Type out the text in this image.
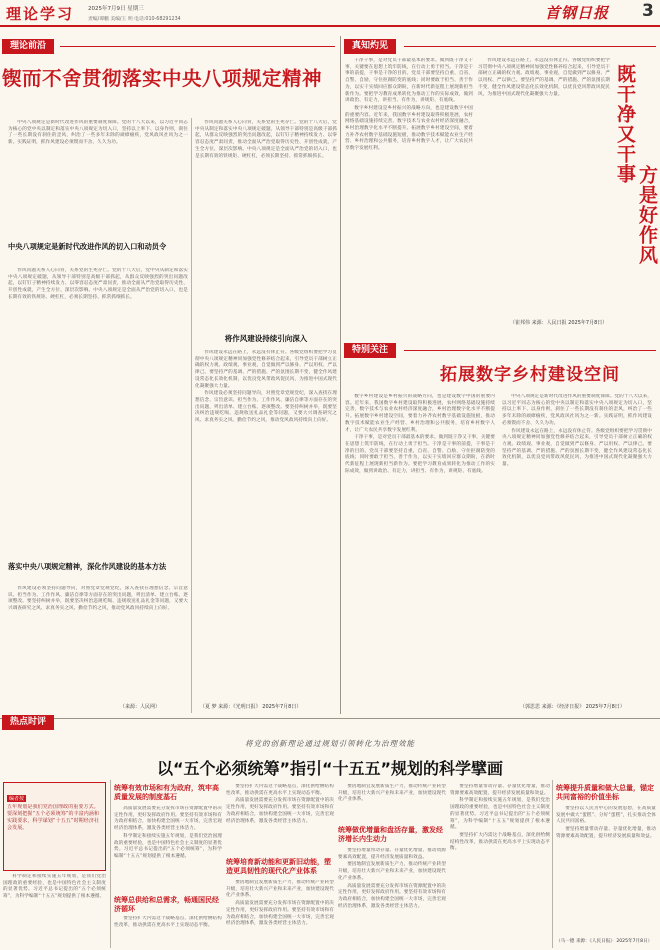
理论学习	2025年7月9日 星期三
责编/谭鹏 美编/王 明 电话:010-68291234	首钢日报 3
理论前沿
锲而不舍贯彻落实中央八项规定精神

中央八项规定是新时代改进作风的重要制度保障。党的十八大以来，以习近平同志为核心的党中央以制定和落实中央八项规定为切入口，坚持以上率下、以身作则，刹住了一些长期没有刹住的歪风，纠治了一些多年未除的顽瘴痼疾，党风政风社风为之一新。实践证明，抓作风建设必须锲而不舍、久久为功。

中央八项规定是新时代改进作风的切入口和动员令

作风问题关系人心向背，关系党的生死存亡。党的十八大后，党中央从制定和落实中央八项规定破题，从领导干部特别是高级干部抓起，从群众反映强烈的突出问题改起，以钉钉子精神持续发力、以零容忍态度严肃问责，推动全面从严治党取得历史性、开创性成就，产生全方位、深层次影响。中央八项规定是全面从严治党的切入口，也是长期有效的铁规矩、硬杠杠，必须长期坚持、抓常抓细抓长。

落实中央八项规定精神，深化作风建设的基本方法

作风建设必须坚持问题导向，对照党章党规党纪，深入查找在理想信念、宗旨意识、担当作为、工作作风、廉洁自律等方面存在的突出问题，列出清单、建立台账、逐项整改。要坚持纠树并举，既要坚决纠治违规吃喝、违规收送礼品礼金等问题，又要大兴调查研究之风、求真务实之风、勤俭节约之风，推动党风政风持续向上向好。

（来源：人民网）

作风问题关系人心向背，关系党的生死存亡。党的十八大后，党中央从制定和落实中央八项规定破题，从领导干部特别是高级干部抓起，从群众反映强烈的突出问题改起，以钉钉子精神持续发力、以零容忍态度严肃问责，推动全面从严治党取得历史性、开创性成就，产生全方位、深层次影响。中央八项规定是全面从严治党的切入口，也是长期有效的铁规矩、硬杠杠，必须长期坚持、抓常抓细抓长。

将作风建设持续引向深入

作风建设永远在路上，永远没有休止符。各级党组织要把学习贯彻中央八项规定精神同加强党性修养结合起来，引导党员干部树立正确的权力观、政绩观、事业观，自觉做到严以修身、严以用权、严以律己。要坚持严的基调、严的措施、严的氛围长期不变，健全作风建设常态化长效化机制，以优良党风带政风促民风，为推进中国式现代化凝聚强大力量。

作风建设必须坚持问题导向，对照党章党规党纪，深入查找在理想信念、宗旨意识、担当作为、工作作风、廉洁自律等方面存在的突出问题，列出清单、建立台账、逐项整改。要坚持纠树并举，既要坚决纠治违规吃喝、违规收送礼品礼金等问题，又要大兴调查研究之风、求真务实之风、勤俭节约之风，推动党风政风持续向上向好。

（夏 梦 来源：《光明日报》 2025年7月8日）
真知灼见

干净干事，是对党员干部最基本的要求。做到既干净又干事，关键要在思想上筑牢防线，在行动上勇于担当。干净是干事的前提，干事是干净的目的。党员干部要坚持自重、自省、自警、自励，守住拒腐防变的底线；同时要敢于担当、善于作为，以实干实绩回应群众期盼，在新时代新征程上展现新担当新作为。要把学习教育成果转化为推动工作的实际成效，做到讲政治、有定力，讲担当、有作为，讲规矩、有底线。

数字乡村建设是乡村振兴的战略方向，也是建设数字中国的重要内容。近年来，我国数字乡村建设取得积极进展，农村网络基础设施持续完善，数字技术与农业农村经济深度融合，乡村治理数字化水平不断提升。拓展数字乡村建设空间，要着力补齐农村数字基础设施短板，推动数字技术赋能农业生产经营、乡村治理和公共服务，培育乡村数字人才，让广大农民共享数字发展红利。

作风建设永远在路上，永远没有休止符。各级党组织要把学习贯彻中央八项规定精神同加强党性修养结合起来，引导党员干部树立正确的权力观、政绩观、事业观，自觉做到严以修身、严以用权、严以律己。要坚持严的基调、严的措施、严的氛围长期不变，健全作风建设常态化长效化机制，以优良党风带政风促民风，为推进中国式现代化凝聚强大力量。

（崔邦伟 来源：人民日报 2025年7月8日）
既干净又干事
方是好作风
特别关注
拓展数字乡村建设空间

数字乡村建设是乡村振兴的战略方向，也是建设数字中国的重要内容。近年来，我国数字乡村建设取得积极进展，农村网络基础设施持续完善，数字技术与农业农村经济深度融合，乡村治理数字化水平不断提升。拓展数字乡村建设空间，要着力补齐农村数字基础设施短板，推动数字技术赋能农业生产经营、乡村治理和公共服务，培育乡村数字人才，让广大农民共享数字发展红利。

干净干事，是对党员干部最基本的要求。做到既干净又干事，关键要在思想上筑牢防线，在行动上勇于担当。干净是干事的前提，干事是干净的目的。党员干部要坚持自重、自省、自警、自励，守住拒腐防变的底线；同时要敢于担当、善于作为，以实干实绩回应群众期盼，在新时代新征程上展现新担当新作为。要把学习教育成果转化为推动工作的实际成效，做到讲政治、有定力，讲担当、有作为，讲规矩、有底线。

中央八项规定是新时代改进作风的重要制度保障。党的十八大以来，以习近平同志为核心的党中央以制定和落实中央八项规定为切入口，坚持以上率下、以身作则，刹住了一些长期没有刹住的歪风，纠治了一些多年未除的顽瘴痼疾，党风政风社风为之一新。实践证明，抓作风建设必须锲而不舍、久久为功。

作风建设永远在路上，永远没有休止符。各级党组织要把学习贯彻中央八项规定精神同加强党性修养结合起来，引导党员干部树立正确的权力观、政绩观、事业观，自觉做到严以修身、严以用权、严以律己。要坚持严的基调、严的措施、严的氛围长期不变，健全作风建设常态化长效化机制，以优良党风带政风促民风，为推进中国式现代化凝聚强大力量。

（郭思思 来源：《经济日报》 2025年7月8日）
热点时评
将党的创新理论通过规划引领转化为治理效能
以“五个必须统筹”指引“十五五”规划的科学擘画
编者按
五年规划是我们党治国理政的重要方式。要深刻把握“五个必须统筹”的丰富内涵和实践要求，科学谋划“十五五”时期经济社会发展。

科学制定和接续实施五年规划，是我们党治国理政的重要经验，也是中国特色社会主义制度的显著优势。习近平总书记提出的“五个必须统筹”，为科学编制“十五五”规划提供了根本遵循。

统筹有效市场和有为政府，筑牢高质量发展的制度基石

高质量发展需要充分发挥市场在资源配置中的决定性作用，更好发挥政府作用。要坚持有效市场和有为政府相结合，加快构建全国统一大市场，完善宏观经济治理体系，激发各类经营主体活力。

科学制定和接续实施五年规划，是我们党治国理政的重要经验，也是中国特色社会主义制度的显著优势。习近平总书记提出的“五个必须统筹”，为科学编制“十五五”规划提供了根本遵循。

统筹总供给和总需求，畅通国民经济循环

要坚持扩大内需这个战略基点，深化供给侧结构性改革，推动供需在更高水平上实现动态平衡。

要坚持扩大内需这个战略基点，深化供给侧结构性改革，推动供需在更高水平上实现动态平衡。

高质量发展需要充分发挥市场在资源配置中的决定性作用，更好发挥政府作用。要坚持有效市场和有为政府相结合，加快构建全国统一大市场，完善宏观经济治理体系，激发各类经营主体活力。

统筹培育新动能和更新旧动能，塑造更具韧性的现代化产业体系

要因地制宜发展新质生产力，推动传统产业转型升级，培育壮大新兴产业和未来产业，加快建设现代化产业体系。

高质量发展需要充分发挥市场在资源配置中的决定性作用，更好发挥政府作用。要坚持有效市场和有为政府相结合，加快构建全国统一大市场，完善宏观经济治理体系，激发各类经营主体活力。

要因地制宜发展新质生产力，推动传统产业转型升级，培育壮大新兴产业和未来产业，加快建设现代化产业体系。

统筹做优增量和盘活存量，激发经济增长内生动力

要坚持增量带动存量、存量优化增量，推动资源要素高效配置，提升经济发展质量和效益。

要因地制宜发展新质生产力，推动传统产业转型升级，培育壮大新兴产业和未来产业，加快建设现代化产业体系。

高质量发展需要充分发挥市场在资源配置中的决定性作用，更好发挥政府作用。要坚持有效市场和有为政府相结合，加快构建全国统一大市场，完善宏观经济治理体系，激发各类经营主体活力。

要坚持增量带动存量、存量优化增量，推动资源要素高效配置，提升经济发展质量和效益。

科学制定和接续实施五年规划，是我们党治国理政的重要经验，也是中国特色社会主义制度的显著优势。习近平总书记提出的“五个必须统筹”，为科学编制“十五五”规划提供了根本遵循。

要坚持扩大内需这个战略基点，深化供给侧结构性改革，推动供需在更高水平上实现动态平衡。

统筹提升质量和做大总量，锚定共同富裕的价值坐标

要坚持以人民为中心的发展思想，在高质量发展中做大“蛋糕”、分好“蛋糕”，扎实推动全体人民共同富裕。

要坚持增量带动存量、存量优化增量，推动资源要素高效配置，提升经济发展质量和效益。

（马一德 来源：《人民日报》 2025年7月8日）
